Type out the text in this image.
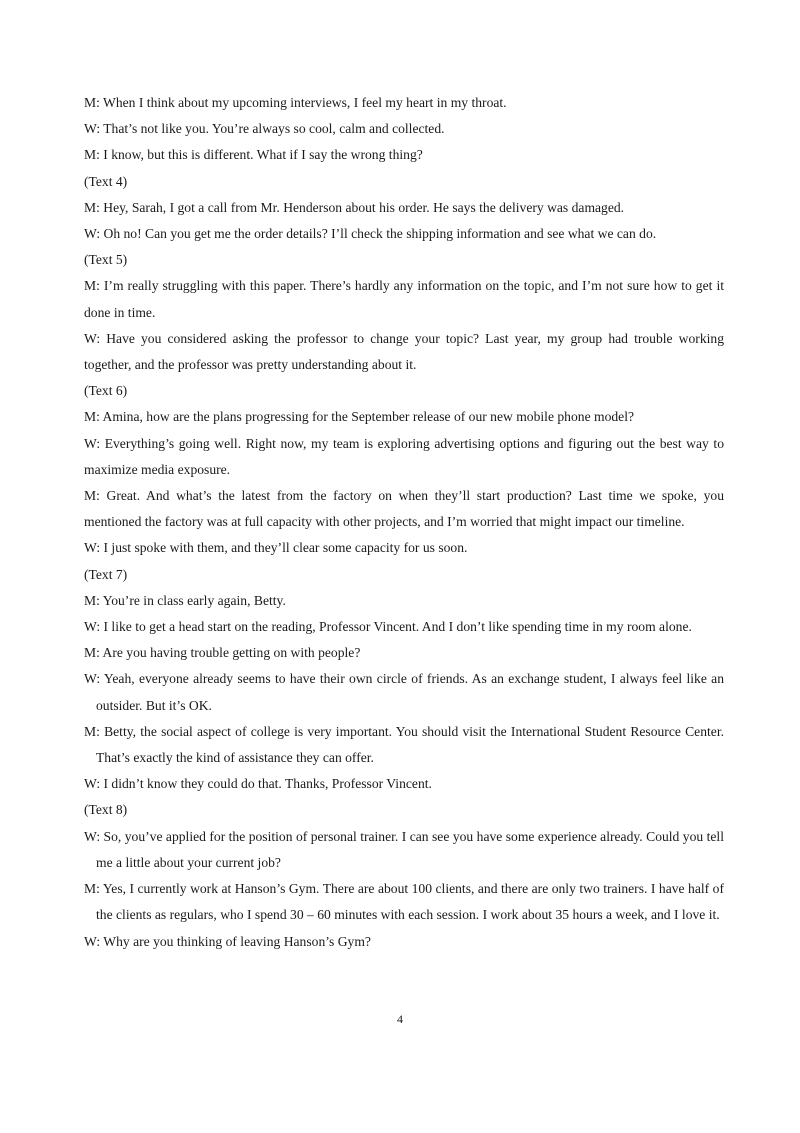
M: When I think about my upcoming interviews, I feel my heart in my throat.

W: That’s not like you. You’re always so cool, calm and collected.

M: I know, but this is different. What if I say the wrong thing?

(Text 4)

M: Hey, Sarah, I got a call from Mr. Henderson about his order. He says the delivery was damaged.

W: Oh no! Can you get me the order details? I’ll check the shipping information and see what we can do.

(Text 5)

M: I’m really struggling with this paper. There’s hardly any information on the topic, and I’m not sure how to get it done in time.

W: Have you considered asking the professor to change your topic? Last year, my group had trouble working together, and the professor was pretty understanding about it.

(Text 6)

M: Amina, how are the plans progressing for the September release of our new mobile phone model?

W: Everything’s going well. Right now, my team is exploring advertising options and figuring out the best way to maximize media exposure.

M: Great. And what’s the latest from the factory on when they’ll start production? Last time we spoke, you mentioned the factory was at full capacity with other projects, and I’m worried that might impact our timeline.

W: I just spoke with them, and they’ll clear some capacity for us soon.

(Text 7)

M: You’re in class early again, Betty.

W: I like to get a head start on the reading, Professor Vincent. And I don’t like spending time in my room alone.

M: Are you having trouble getting on with people?

W: Yeah, everyone already seems to have their own circle of friends. As an exchange student, I always feel like an outsider. But it’s OK.

M: Betty, the social aspect of college is very important. You should visit the International Student Resource Center. That’s exactly the kind of assistance they can offer.

W: I didn’t know they could do that. Thanks, Professor Vincent.

(Text 8)

W: So, you’ve applied for the position of personal trainer. I can see you have some experience already. Could you tell me a little about your current job?

M: Yes, I currently work at Hanson’s Gym. There are about 100 clients, and there are only two trainers. I have half of the clients as regulars, who I spend 30 – 60 minutes with each session. I work about 35 hours a week, and I love it.

W: Why are you thinking of leaving Hanson’s Gym?

4
